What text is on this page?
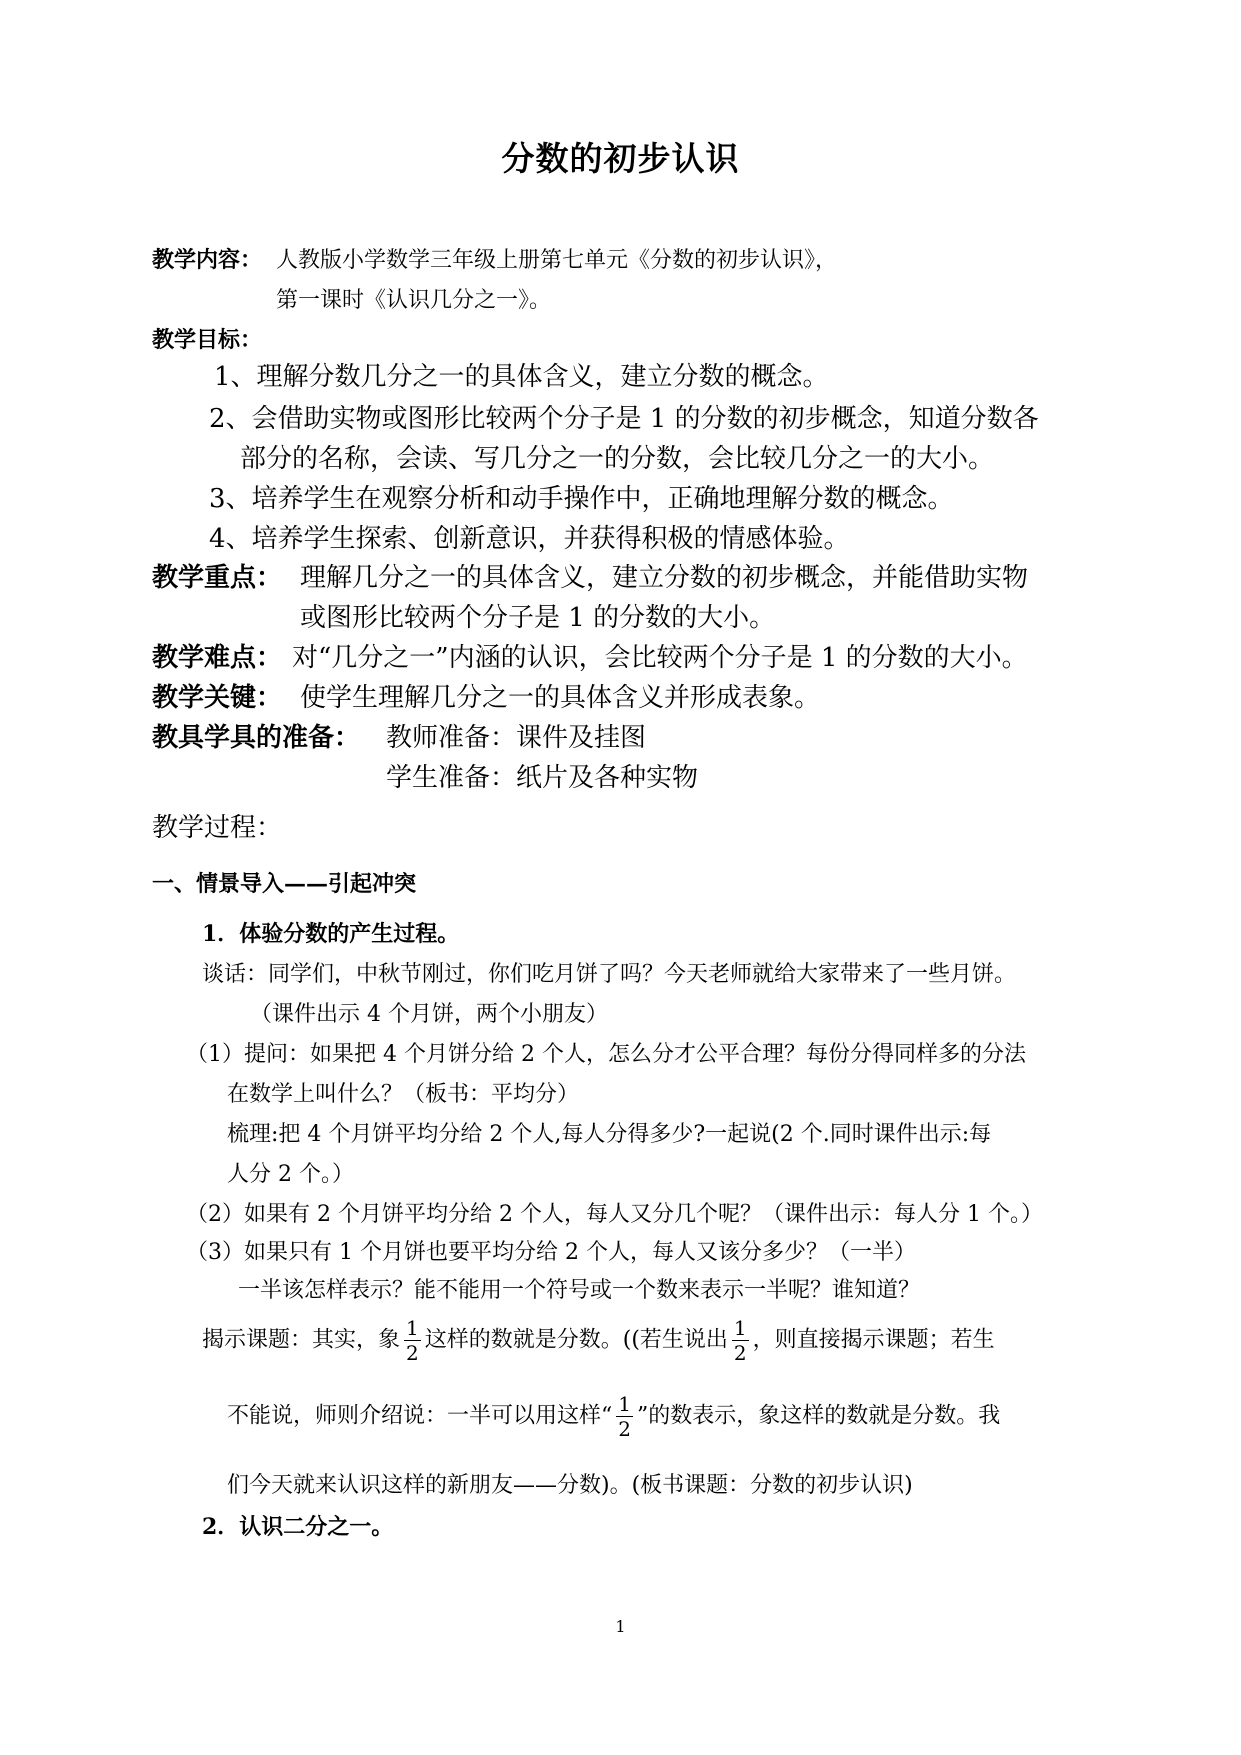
分数的初步认识
教学内容： 人教版小学数学三年级上册第七单元《分数的初步认识》，
第一课时《认识几分之一》。
教学目标：
1、理解分数几分之一的具体含义，建立分数的概念。
2、会借助实物或图形比较两个分子是 1 的分数的初步概念，知道分数各
部分的名称，会读、写几分之一的分数，会比较几分之一的大小。
3、培养学生在观察分析和动手操作中，正确地理解分数的概念。
4、培养学生探索、创新意识，并获得积极的情感体验。
教学重点： 理解几分之一的具体含义，建立分数的初步概念，并能借助实物
或图形比较两个分子是 1 的分数的大小。
教学难点： 对“几分之一”内涵的认识，会比较两个分子是 1 的分数的大小。
教学关键： 使学生理解几分之一的具体含义并形成表象。
教具学具的准备： 教师准备：课件及挂图
学生准备：纸片及各种实物
教学过程：
一、情景导入——引起冲突
1．体验分数的产生过程。
谈话：同学们，中秋节刚过，你们吃月饼了吗？今天老师就给大家带来了一些月饼。
（课件出示 4 个月饼，两个小朋友）
（1）提问：如果把 4 个月饼分给 2 个人，怎么分才公平合理？每份分得同样多的分法
在数学上叫什么？（板书：平均分）
梳理:把 4 个月饼平均分给 2 个人,每人分得多少?一起说(2 个.同时课件出示:每
人分 2 个。）
（2）如果有 2 个月饼平均分给 2 个人，每人又分几个呢？（课件出示：每人分 1 个。）
（3）如果只有 1 个月饼也要平均分给 2 个人，每人又该分多少？（一半）
一半该怎样表示？能不能用一个符号或一个数来表示一半呢？谁知道？
揭示课题：其实，象 $\frac{1}{2}$ 这样的数就是分数。((若生说出 $\frac{1}{2}$ ，则直接揭示课题；若生
不能说，师则介绍说：一半可以用这样“ $\frac{1}{2}$ ”的数表示，象这样的数就是分数。我
们今天就来认识这样的新朋友——分数)。(板书课题：分数的初步认识)
2．认识二分之一。
1
